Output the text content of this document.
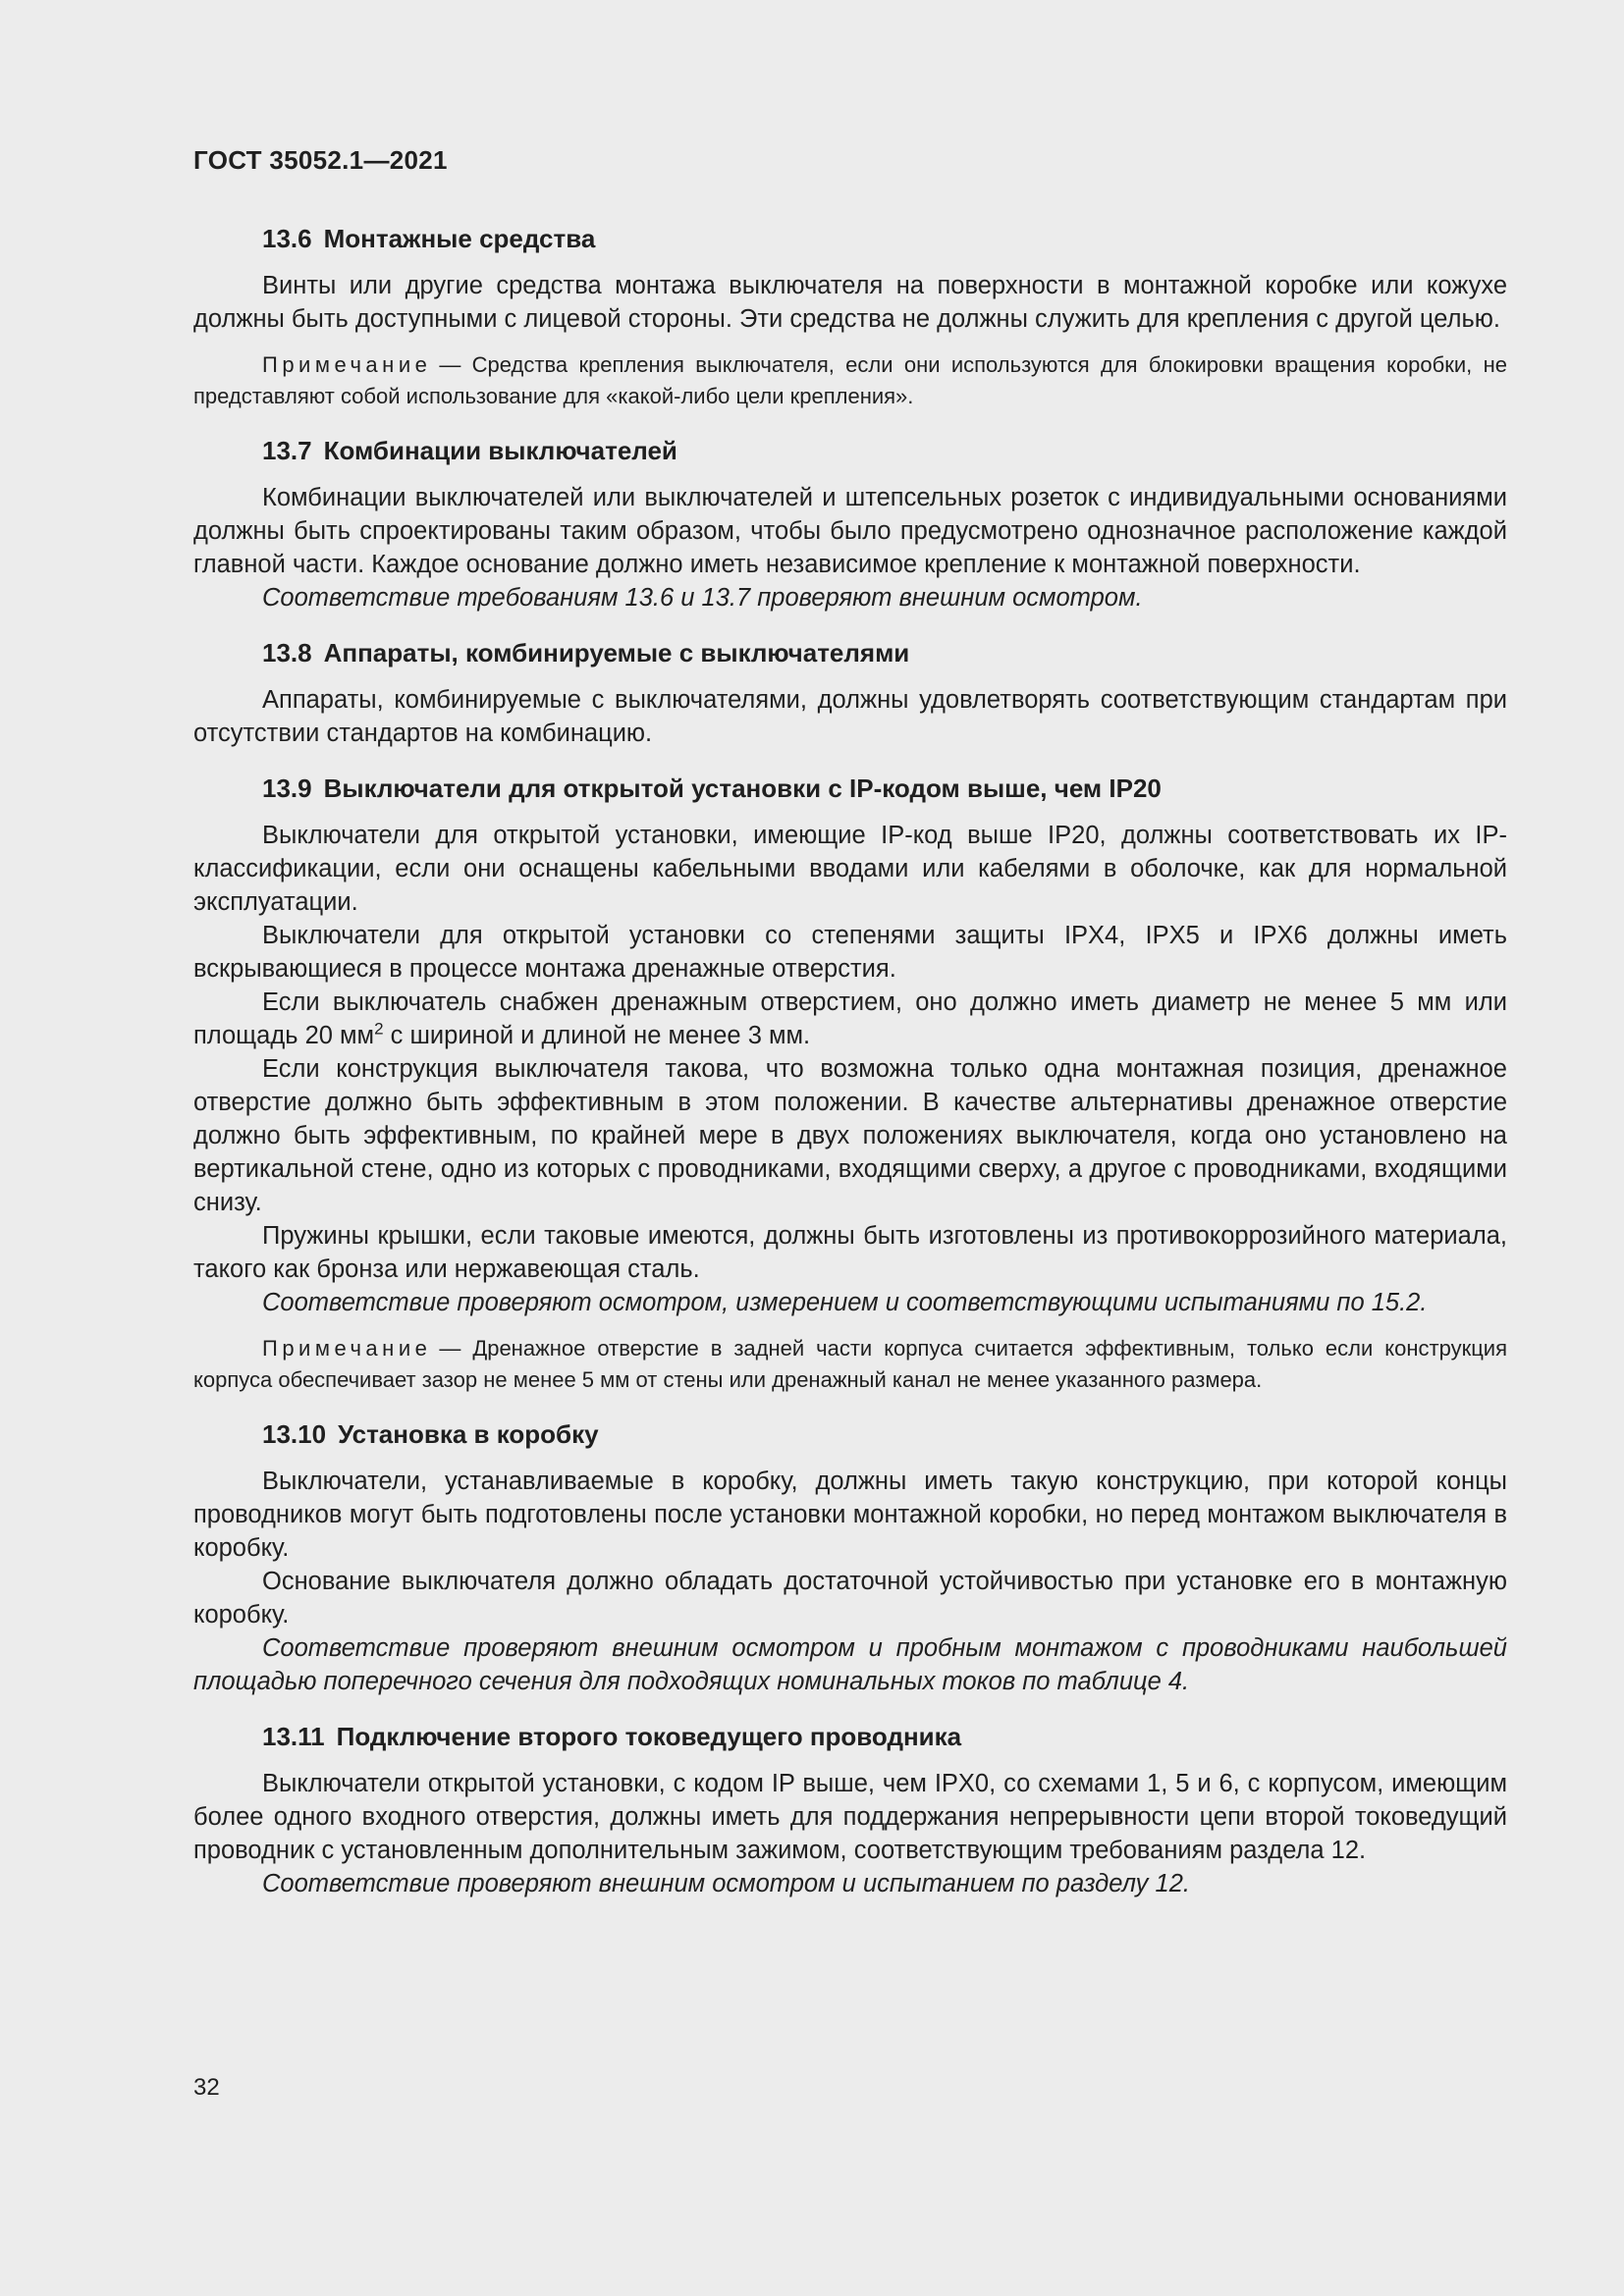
ГОСТ 35052.1—2021
13.6 Монтажные средства

Винты или другие средства монтажа выключателя на поверхности в монтажной коробке или кожухе должны быть доступными с лицевой стороны. Эти средства не должны служить для крепления с другой целью.

Примечание — Средства крепления выключателя, если они используются для блокировки вращения коробки, не представляют собой использование для «какой-либо цели крепления».

13.7 Комбинации выключателей

Комбинации выключателей или выключателей и штепсельных розеток с индивидуальными основаниями должны быть спроектированы таким образом, чтобы было предусмотрено однозначное расположение каждой главной части. Каждое основание должно иметь независимое крепление к монтажной поверхности.

Соответствие требованиям 13.6 и 13.7 проверяют внешним осмотром.

13.8 Аппараты, комбинируемые с выключателями

Аппараты, комбинируемые с выключателями, должны удовлетворять соответствующим стандартам при отсутствии стандартов на комбинацию.

13.9 Выключатели для открытой установки с IP-кодом выше, чем IP20

Выключатели для открытой установки, имеющие IP-код выше IP20, должны соответствовать их IP-классификации, если они оснащены кабельными вводами или кабелями в оболочке, как для нормальной эксплуатации.

Выключатели для открытой установки со степенями защиты IPX4, IPX5 и IPX6 должны иметь вскрывающиеся в процессе монтажа дренажные отверстия.

Если выключатель снабжен дренажным отверстием, оно должно иметь диаметр не менее 5 мм или площадь 20 $мм^2$ с шириной и длиной не менее 3 мм.

Если конструкция выключателя такова, что возможна только одна монтажная позиция, дренажное отверстие должно быть эффективным в этом положении. В качестве альтернативы дренажное отверстие должно быть эффективным, по крайней мере в двух положениях выключателя, когда оно установлено на вертикальной стене, одно из которых с проводниками, входящими сверху, а другое с проводниками, входящими снизу.

Пружины крышки, если таковые имеются, должны быть изготовлены из противокоррозийного материала, такого как бронза или нержавеющая сталь.

Соответствие проверяют осмотром, измерением и соответствующими испытаниями по 15.2.

Примечание — Дренажное отверстие в задней части корпуса считается эффективным, только если конструкция корпуса обеспечивает зазор не менее 5 мм от стены или дренажный канал не менее указанного размера.

13.10 Установка в коробку

Выключатели, устанавливаемые в коробку, должны иметь такую конструкцию, при которой концы проводников могут быть подготовлены после установки монтажной коробки, но перед монтажом выключателя в коробку.

Основание выключателя должно обладать достаточной устойчивостью при установке его в монтажную коробку.

Соответствие проверяют внешним осмотром и пробным монтажом с проводниками наибольшей площадью поперечного сечения для подходящих номинальных токов по таблице 4.

13.11 Подключение второго токоведущего проводника

Выключатели открытой установки, с кодом IP выше, чем IPX0, со схемами 1, 5 и 6, с корпусом, имеющим более одного входного отверстия, должны иметь для поддержания непрерывности цепи второй токоведущий проводник с установленным дополнительным зажимом, соответствующим требованиям раздела 12.

Соответствие проверяют внешним осмотром и испытанием по разделу 12.

32
